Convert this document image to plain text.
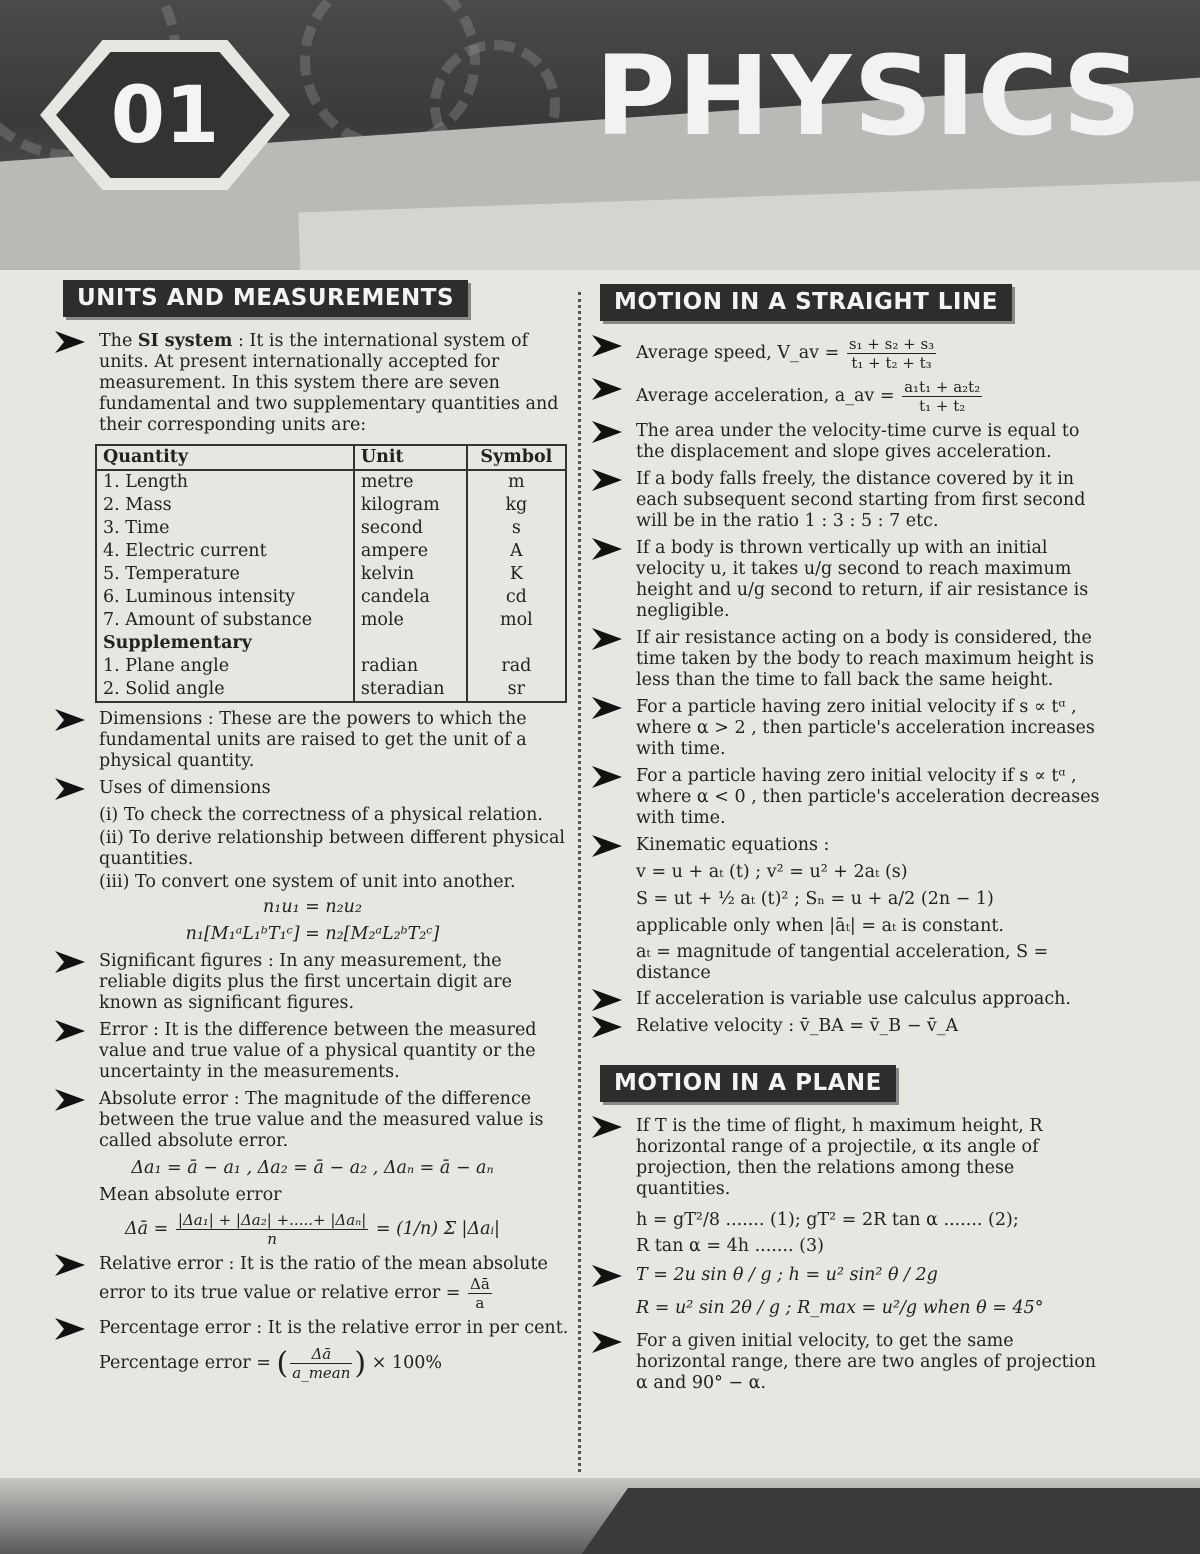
01	PHYSICS
UNITS AND MEASUREMENTS
The SI system : It is the international system of units. At present internationally accepted for measurement. In this system there are seven fundamental and two supplementary quantities and their corresponding units are:
Quantity	Unit	Symbol
1. Length	metre	m
2. Mass	kilogram	kg
3. Time	second	s
4. Electric current	ampere	A
5. Temperature	kelvin	K
6. Luminous intensity	candela	cd
7. Amount of substance	mole	mol
Supplementary		
1. Plane angle	radian	rad
2. Solid angle	steradian	sr
Dimensions : These are the powers to which the fundamental units are raised to get the unit of a physical quantity.
Uses of dimensions
(i) To check the correctness of a physical relation.
(ii) To derive relationship between different physical quantities.
(iii) To convert one system of unit into another.
n₁u₁ = n₂u₂
n₁[M₁ᵃL₁ᵇT₁ᶜ] = n₂[M₂ᵃL₂ᵇT₂ᶜ]
Significant figures : In any measurement, the reliable digits plus the first uncertain digit are known as significant figures.
Error : It is the difference between the measured value and true value of a physical quantity or the uncertainty in the measurements.
Absolute error : The magnitude of the difference between the true value and the measured value is called absolute error.
Δa₁ = ā − a₁ , Δa₂ = ā − a₂ , Δaₙ = ā − aₙ
Mean absolute error
Δā = $\frac{\text{|Δa₁| + |Δa₂| +.....+ |Δaₙ|}}{n} = (1/n)$ Σ |Δaᵢ|
Relative error : It is the ratio of the mean absolute error to its true value or relative error = $\frac{\Delta ā}{a}$
Percentage error : It is the relative error in per cent.
Percentage error = ( $\frac{\Delta ā}{\text{a\_mean}}$ ) × 100%
MOTION IN A STRAIGHT LINE
Average speed, V_av = $\frac{\text{s₁ + s₂ + s₃}}{\text{t₁ + t₂ + t₃}}$
Average acceleration, a_av = $\frac{\text{a₁t₁ + a₂t₂}}{\text{t₁ + t₂}}$
The area under the velocity-time curve is equal to the displacement and slope gives acceleration.
If a body falls freely, the distance covered by it in each subsequent second starting from first second will be in the ratio 1 : 3 : 5 : 7 etc.
If a body is thrown vertically up with an initial velocity u, it takes u/g second to reach maximum height and u/g second to return, if air resistance is negligible.
If air resistance acting on a body is considered, the time taken by the body to reach maximum height is less than the time to fall back the same height.
For a particle having zero initial velocity if s ∝ tᵅ , where α > 2 , then particle's acceleration increases with time.
For a particle having zero initial velocity if s ∝ tᵅ , where α < 0 , then particle's acceleration decreases with time.
Kinematic equations :
v = u + aₜ (t) ; v² = u² + 2aₜ (s)
S = ut + ½ aₜ (t)² ; Sₙ = u + a/2 (2n − 1)
applicable only when |āₜ| = aₜ is constant.
aₜ = magnitude of tangential acceleration, S = distance
If acceleration is variable use calculus approach.
Relative velocity : v̄_BA = v̄_B − v̄_A
MOTION IN A PLANE
If T is the time of flight, h maximum height, R horizontal range of a projectile, α its angle of projection, then the relations among these quantities.
h = gT²/8 ....... (1); gT² = 2R tan α ....... (2);
R tan α = 4h ....... (3)
T = 2u sin θ / g ; h = u² sin² θ / 2g
R = u² sin 2θ / g ; R_max = u²/g when θ = 45°
For a given initial velocity, to get the same horizontal range, there are two angles of projection α and 90° − α.
